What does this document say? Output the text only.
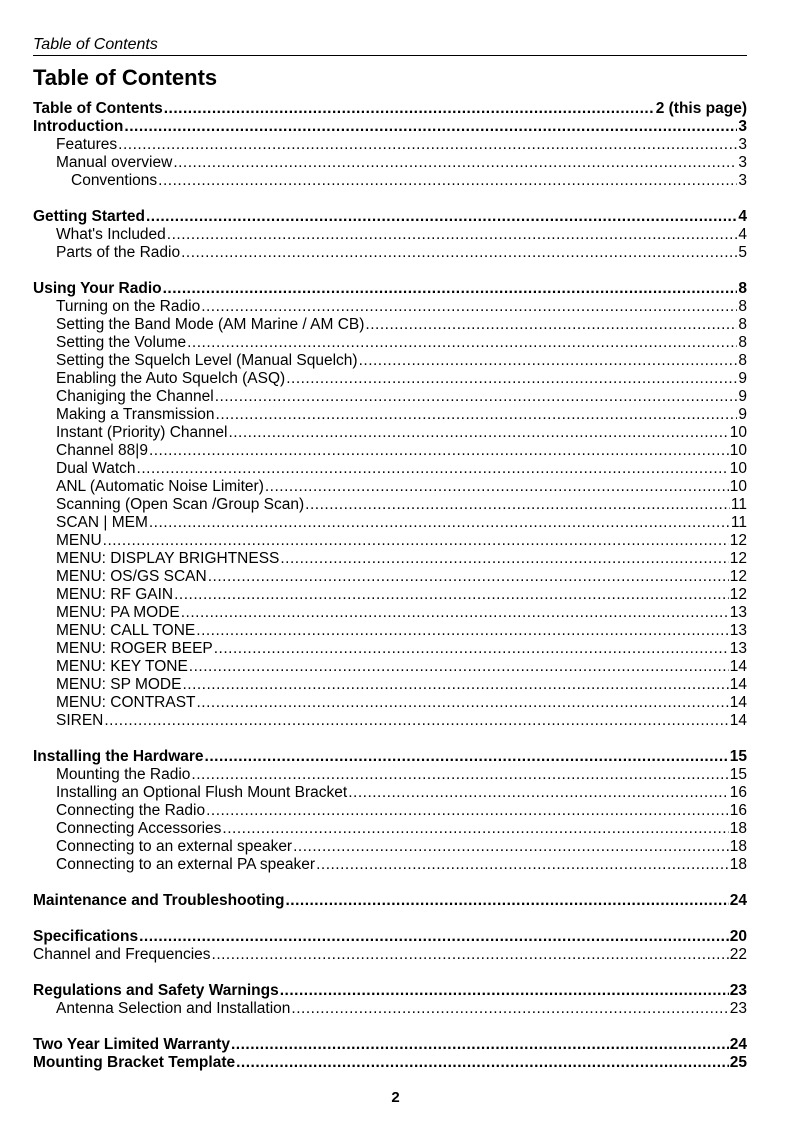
Table of Contents
Table of Contents
Table of Contents .....	2 (this page)
Introduction .....	3
Features .....	3
Manual overview .....	3
Conventions .....	3
Getting Started .....	4
What's Included .....	4
Parts of the Radio .....	5
Using Your Radio .....	8
Turning on the Radio .....	8
Setting the Band Mode (AM Marine / AM CB) .....	8
Setting the Volume .....	8
Setting the Squelch Level (Manual Squelch) .....	8
Enabling the Auto Squelch (ASQ) .....	9
Chaniging the Channel .....	9
Making a Transmission .....	9
Instant (Priority) Channel .....	10
Channel 88|9 .....	10
Dual Watch .....	10
ANL (Automatic Noise Limiter) .....	10
Scanning (Open Scan /Group Scan) .....	11
SCAN | MEM .....	11
MENU .....	12
MENU: DISPLAY BRIGHTNESS .....	12
MENU: OS/GS SCAN .....	12
MENU: RF GAIN .....	12
MENU: PA MODE .....	13
MENU: CALL TONE .....	13
MENU: ROGER BEEP .....	13
MENU: KEY TONE .....	14
MENU: SP MODE .....	14
MENU: CONTRAST .....	14
SIREN .....	14
Installing the Hardware .....	15
Mounting the Radio .....	15
Installing an Optional Flush Mount Bracket .....	16
Connecting the Radio .....	16
Connecting Accessories .....	18
Connecting to an external speaker .....	18
Connecting to an external PA speaker .....	18
Maintenance and Troubleshooting .....	24
Specifications .....	20
Channel and Frequencies .....	22
Regulations and Safety Warnings .....	23
Antenna Selection and Installation .....	23
Two Year Limited Warranty .....	24
Mounting Bracket Template .....	25
2
